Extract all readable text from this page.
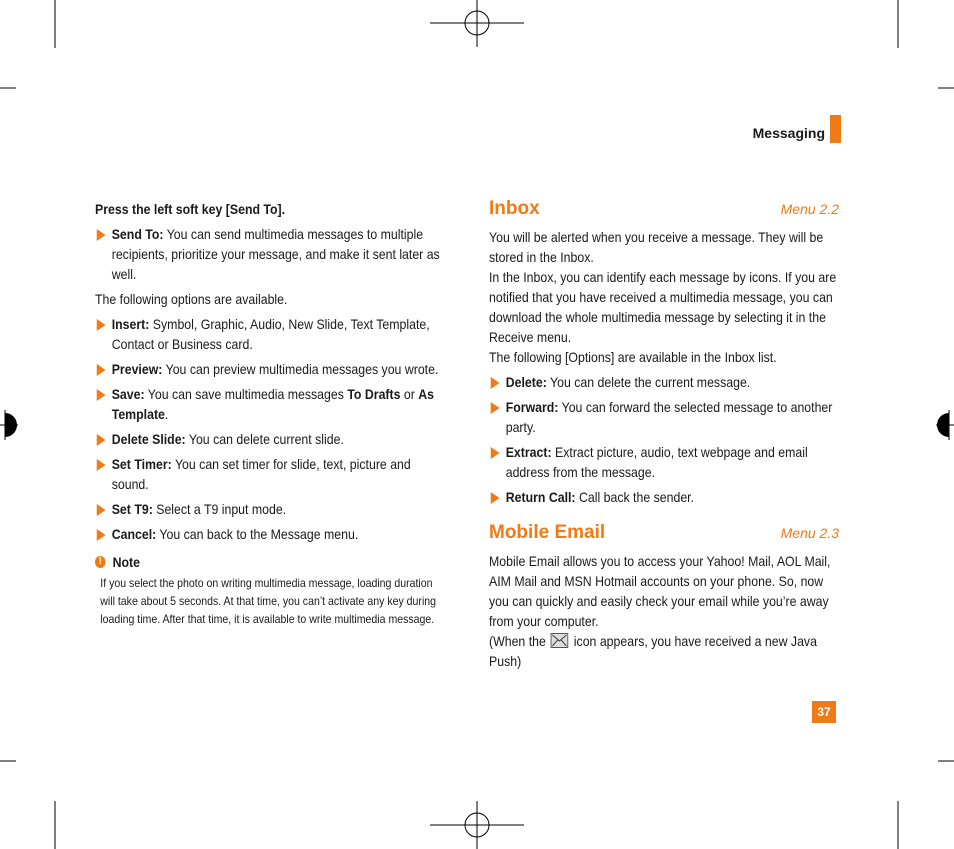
Messaging

Press the left soft key [Send To].

Send To: You can send multimedia messages to multiple recipients, prioritize your message, and make it sent later as well.

The following options are available.

Insert: Symbol, Graphic, Audio, New Slide, Text Template, Contact or Business card.
Preview: You can preview multimedia messages you wrote.
Save: You can save multimedia messages To Drafts or As Template.
Delete Slide: You can delete current slide.
Set Timer: You can set timer for slide, text, picture and sound.
Set T9: Select a T9 input mode.
Cancel: You can back to the Message menu.
! Note
If you select the photo on writing multimedia message, loading duration will take about 5 seconds. At that time, you can’t activate any key during loading time. After that time, it is available to write multimedia message.
Inbox	Menu 2.2
You will be alerted when you receive a message. They will be stored in the Inbox.
In the Inbox, you can identify each message by icons. If you are notified that you have received a multimedia message, you can download the whole multimedia message by selecting it in the Receive menu.
The following [Options] are available in the Inbox list.
Delete: You can delete the current message.
Forward: You can forward the selected message to another party.
Extract: Extract picture, audio, text webpage and email address from the message.
Return Call: Call back the sender.
Mobile Email	Menu 2.3
Mobile Email allows you to access your Yahoo! Mail, AOL Mail, AIM Mail and MSN Hotmail accounts on your phone. So, now you can quickly and easily check your email while you’re away from your computer.
(When the
icon appears, you have received a new Java Push)
37
